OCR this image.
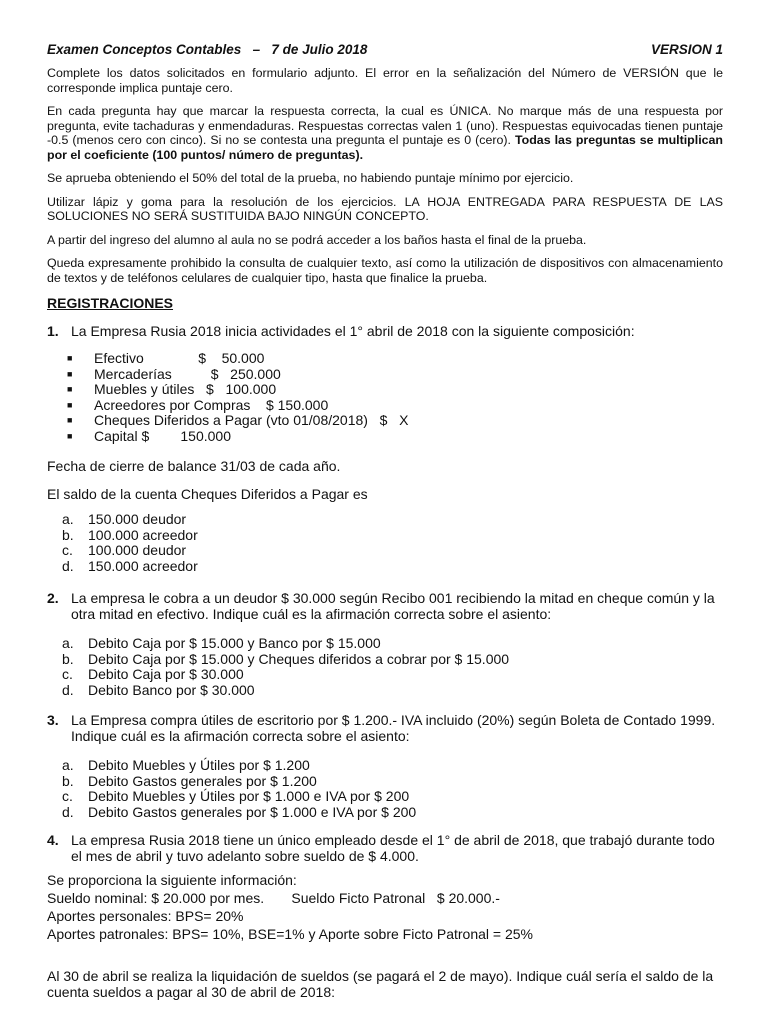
Examen Conceptos Contables – 7 de Julio 2018	VERSION 1

Complete los datos solicitados en formulario adjunto. El error en la señalización del Número de VERSIÓN que le corresponde implica puntaje cero.

En cada pregunta hay que marcar la respuesta correcta, la cual es ÚNICA. No marque más de una respuesta por pregunta, evite tachaduras y enmendaduras. Respuestas correctas valen 1 (uno). Respuestas equivocadas tienen puntaje -0.5 (menos cero con cinco). Si no se contesta una pregunta el puntaje es 0 (cero). Todas las preguntas se multiplican por el coeficiente (100 puntos/ número de preguntas).

Se aprueba obteniendo el 50% del total de la prueba, no habiendo puntaje mínimo por ejercicio.

Utilizar lápiz y goma para la resolución de los ejercicios. LA HOJA ENTREGADA PARA RESPUESTA DE LAS SOLUCIONES NO SERÁ SUSTITUIDA BAJO NINGÚN CONCEPTO.

A partir del ingreso del alumno al aula no se podrá acceder a los baños hasta el final de la prueba.

Queda expresamente prohibido la consulta de cualquier texto, así como la utilización de dispositivos con almacenamiento de textos y de teléfonos celulares de cualquier tipo, hasta que finalice la prueba.

REGISTRACIONES
1. La Empresa Rusia 2018 inicia actividades el 1° abril de 2018 con la siguiente composición:
■	Efectivo              $    50.000
■	Mercaderías          $   250.000
■	Muebles y útiles   $   100.000
■	Acreedores por Compras    $ 150.000
■	Cheques Diferidos a Pagar (vto 01/08/2018)   $   X
■	Capital $        150.000
Fecha de cierre de balance 31/03 de cada año.
El saldo de la cuenta Cheques Diferidos a Pagar es
a.	150.000 deudor
b.	100.000 acreedor
c.	100.000 deudor
d.	150.000 acreedor
2. La empresa le cobra a un deudor $ 30.000 según Recibo 001 recibiendo la mitad en cheque común y la otra mitad en efectivo. Indique cuál es la afirmación correcta sobre el asiento:
a.	Debito Caja por $ 15.000 y Banco por $ 15.000
b.	Debito Caja por $ 15.000 y Cheques diferidos a cobrar por $ 15.000
c.	Debito Caja por $ 30.000
d.	Debito Banco por $ 30.000
3. La Empresa compra útiles de escritorio por $ 1.200.- IVA incluido (20%) según Boleta de Contado 1999. Indique cuál es la afirmación correcta sobre el asiento:
a.	Debito Muebles y Útiles por $ 1.200
b.	Debito Gastos generales por $ 1.200
c.	Debito Muebles y Útiles por $ 1.000 e IVA por $ 200
d.	Debito Gastos generales por $ 1.000 e IVA por $ 200
4. La empresa Rusia 2018 tiene un único empleado desde el 1° de abril de 2018, que trabajó durante todo el mes de abril y tuvo adelanto sobre sueldo de $ 4.000.
Se proporciona la siguiente información:
Sueldo nominal: $ 20.000 por mes.       Sueldo Ficto Patronal   $ 20.000.-
Aportes personales: BPS= 20%
Aportes patronales: BPS= 10%, BSE=1% y Aporte sobre Ficto Patronal = 25%
Al 30 de abril se realiza la liquidación de sueldos (se pagará el 2 de mayo). Indique cuál sería el saldo de la cuenta sueldos a pagar al 30 de abril de 2018:
